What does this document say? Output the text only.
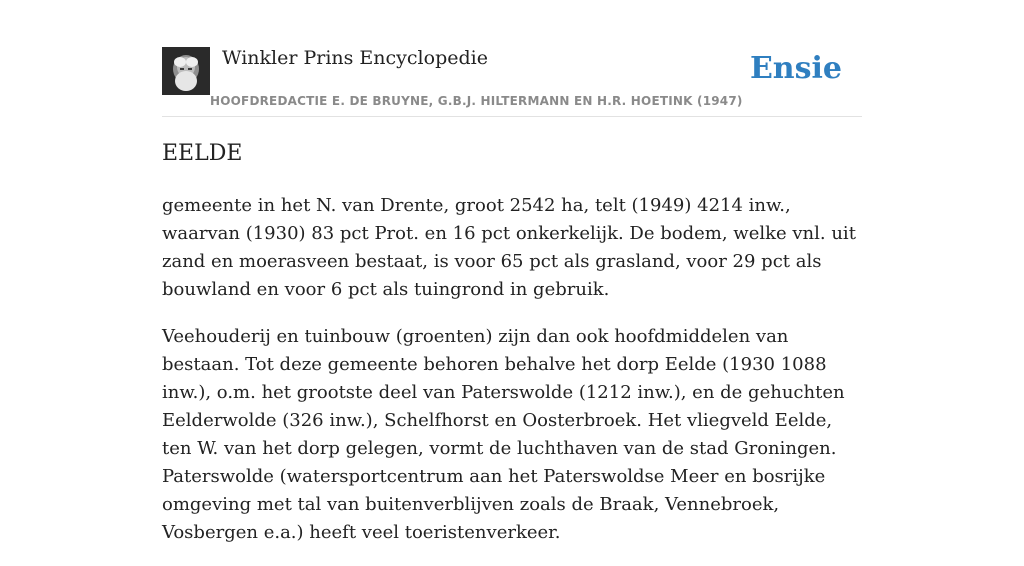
Winkler Prins Encyclopedie
HOOFDREDACTIE E. DE BRUYNE, G.B.J. HILTERMANN EN H.R. HOETINK (1947)
Ensie
EELDE

gemeente in het N. van Drente, groot 2542 ha, telt (1949) 4214 inw., waarvan (1930) 83 pct Prot. en 16 pct onkerkelijk. De bodem, welke vnl. uit zand en moerasveen bestaat, is voor 65 pct als grasland, voor 29 pct als bouwland en voor 6 pct als tuingrond in gebruik.

Veehouderij en tuinbouw (groenten) zijn dan ook hoofdmiddelen van bestaan. Tot deze gemeente behoren behalve het dorp Eelde (1930 1088 inw.), o.m. het grootste deel van Paterswolde (1212 inw.), en de gehuchten Eelderwolde (326 inw.), Schelfhorst en Oosterbroek. Het vliegveld Eelde, ten W. van het dorp gelegen, vormt de luchthaven van de stad Groningen. Paterswolde (watersportcentrum aan het Paterswoldse Meer en bosrijke omgeving met tal van buitenverblijven zoals de Braak, Vennebroek, Vosbergen e.a.) heeft veel toeristenverkeer.
